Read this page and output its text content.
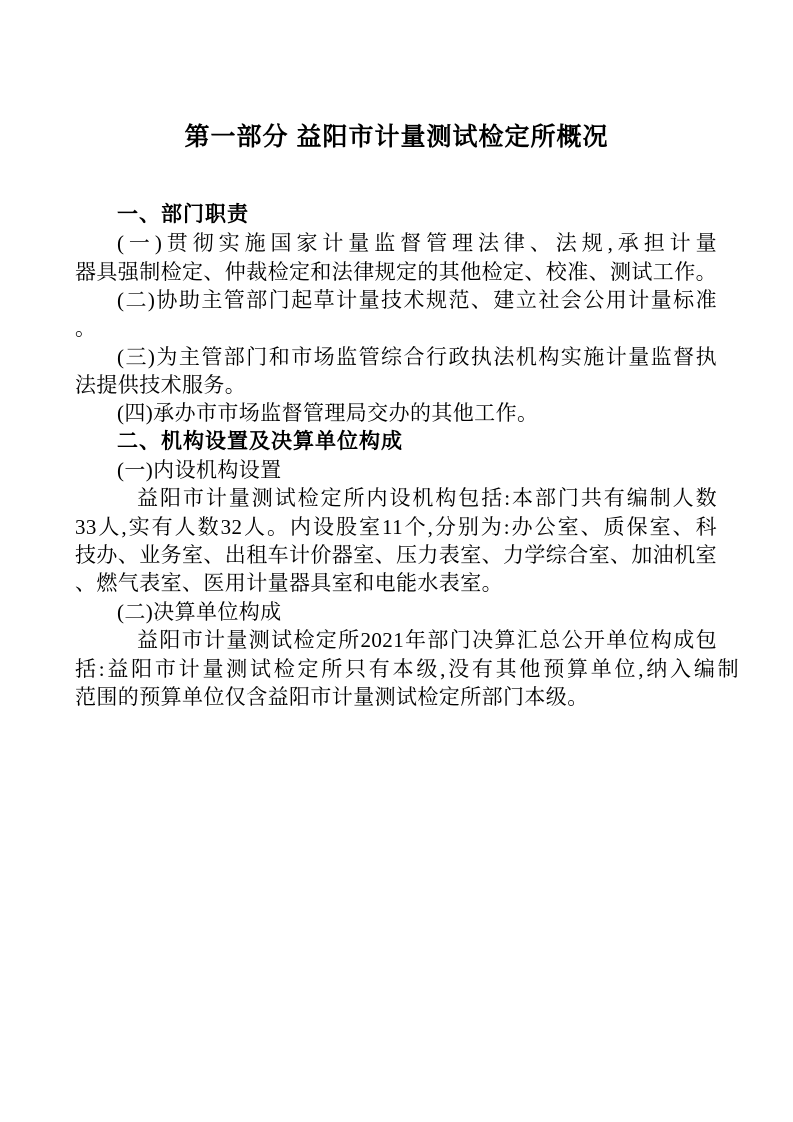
第一部分 益阳市计量测试检定所概况
一、部门职责
(一)贯彻实施国家计量监督管理法律、法规,承担计量
器具强制检定、仲裁检定和法律规定的其他检定、校准、测试工作。
(二)协助主管部门起草计量技术规范、建立社会公用计量标准
。
(三)为主管部门和市场监管综合行政执法机构实施计量监督执
法提供技术服务。
(四)承办市市场监督管理局交办的其他工作。
二、机构设置及决算单位构成
(一)内设机构设置
益阳市计量测试检定所内设机构包括:本部门共有编制人数
33人,实有人数32人。内设股室11个,分别为:办公室、质保室、科
技办、业务室、出租车计价器室、压力表室、力学综合室、加油机室
、燃气表室、医用计量器具室和电能水表室。
(二)决算单位构成
益阳市计量测试检定所2021年部门决算汇总公开单位构成包
括:益阳市计量测试检定所只有本级,没有其他预算单位,纳入编制
范围的预算单位仅含益阳市计量测试检定所部门本级。
